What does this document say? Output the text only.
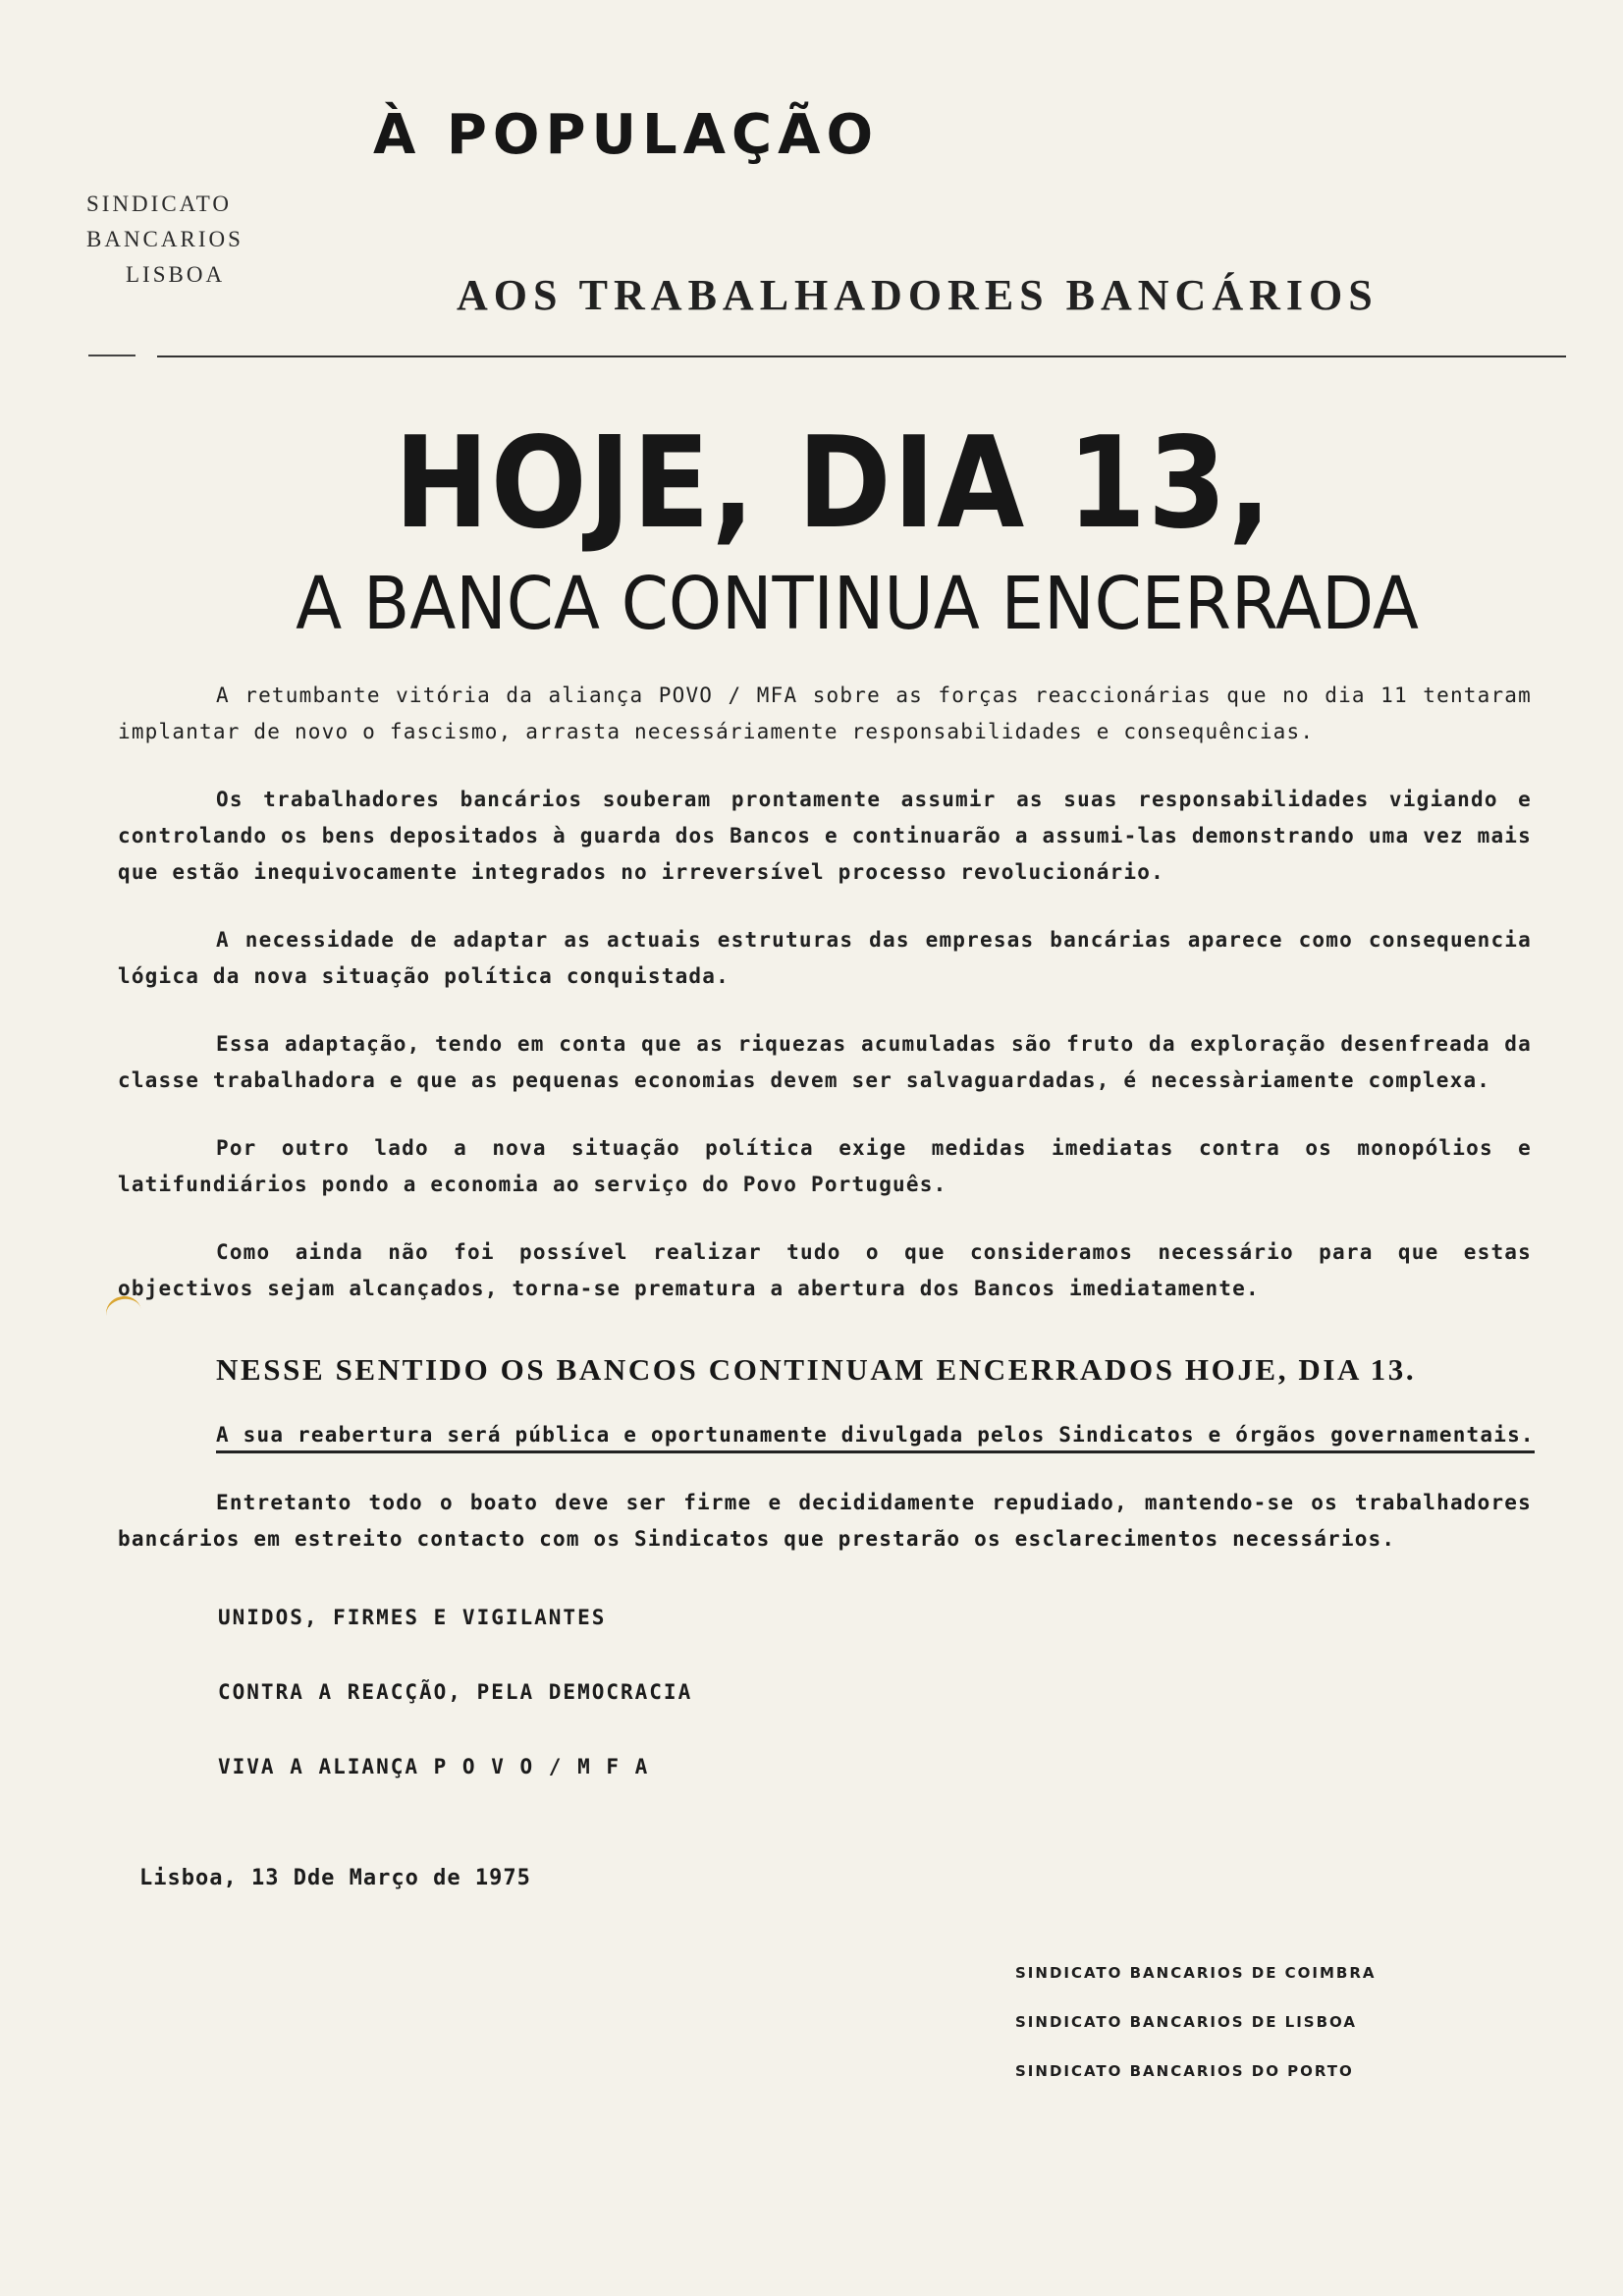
À POPULAÇÃO
SINDICATO
BANCARIOS
LISBOA	AOS TRABALHADORES BANCÁRIOS
HOJE, DIA 13,
A BANCA CONTINUA ENCERRADA

A retumbante vitória da aliança POVO / MFA sobre as forças reaccionárias que no dia 11 tentaram implantar de novo o fascismo, arrasta necessáriamente responsabilidades e consequências.

Os trabalhadores bancários souberam prontamente assumir as suas responsabilidades vigiando e controlando os bens depositados à guarda dos Bancos e continuarão a assumi-las demonstrando uma vez mais que estão inequivocamente integrados no irreversível processo revolucionário.

A necessidade de adaptar as actuais estruturas das empresas bancárias aparece como consequencia lógica da nova situação política conquistada.

Essa adaptação, tendo em conta que as riquezas acumuladas são fruto da exploração desenfreada da classe trabalhadora e que as pequenas economias devem ser salvaguardadas, é necessàriamente complexa.

Por outro lado a nova situação política exige medidas imediatas contra os monopólios e latifundiários pondo a economia ao serviço do Povo Português.

Como ainda não foi possível realizar tudo o que consideramos necessário para que estas objectivos sejam alcançados, torna-se prematura a abertura dos Bancos imediatamente.

NESSE SENTIDO OS BANCOS CONTINUAM ENCERRADOS HOJE, DIA 13.
A sua reabertura será pública e oportunamente divulgada pelos Sindicatos e órgãos governamentais.
Entretanto todo o boato deve ser firme e decididamente repudiado, mantendo-se os trabalhadores bancários em estreito contacto com os Sindicatos que prestarão os esclarecimentos necessários.
UNIDOS, FIRMES E VIGILANTES
CONTRA A REACÇÃO, PELA DEMOCRACIA
VIVA A ALIANÇA P O V O / M F A
Lisboa, 13 Dde Março de 1975
SINDICATO BANCARIOS DE COIMBRA
SINDICATO BANCARIOS DE LISBOA
SINDICATO BANCARIOS DO PORTO
